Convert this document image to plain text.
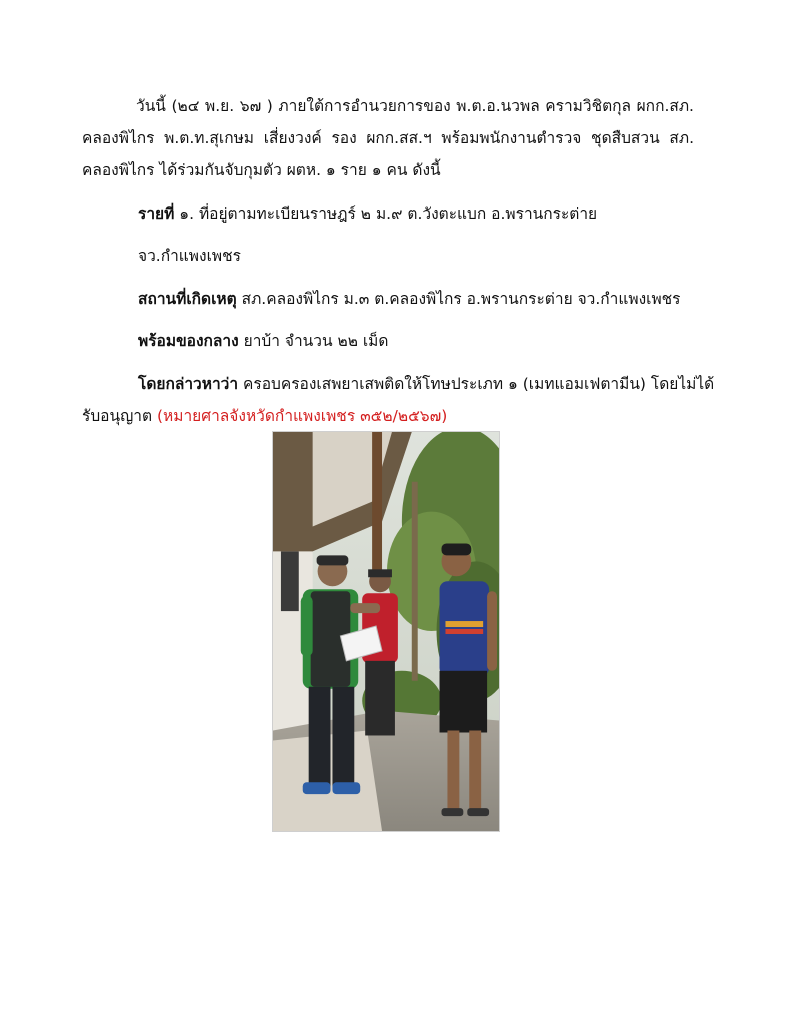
วันนี้ (๒๔ พ.ย. ๖๗ ) ภายใต้การอำนวยการของ พ.ต.อ.นวพล ครามวิชิตกุล ผกก.สภ.
คลองพิไกร พ.ต.ท.สุเกษม เสี่ยงวงค์ รอง ผกก.สส.ฯ พร้อมพนักงานตำรวจ ชุดสืบสวน สภ.
คลองพิไกร ได้ร่วมกันจับกุมตัว ผตห. ๑ ราย ๑ คน ดังนี้
รายที่ ๑. ที่อยู่ตามทะเบียนราษฎร์ ๒ ม.๙ ต.วังตะแบก อ.พรานกระต่าย
จว.กำแพงเพชร
สถานที่เกิดเหตุ สภ.คลองพิไกร ม.๓ ต.คลองพิไกร อ.พรานกระต่าย จว.กำแพงเพชร
พร้อมของกลาง ยาบ้า จำนวน ๒๒ เม็ด
โดยกล่าวหาว่า ครอบครองเสพยาเสพติดให้โทษประเภท ๑ (เมทแอมเฟตามีน) โดยไม่ได้
รับอนุญาต (หมายศาลจังหวัดกำแพงเพชร ๓๕๒/๒๕๖๗)
